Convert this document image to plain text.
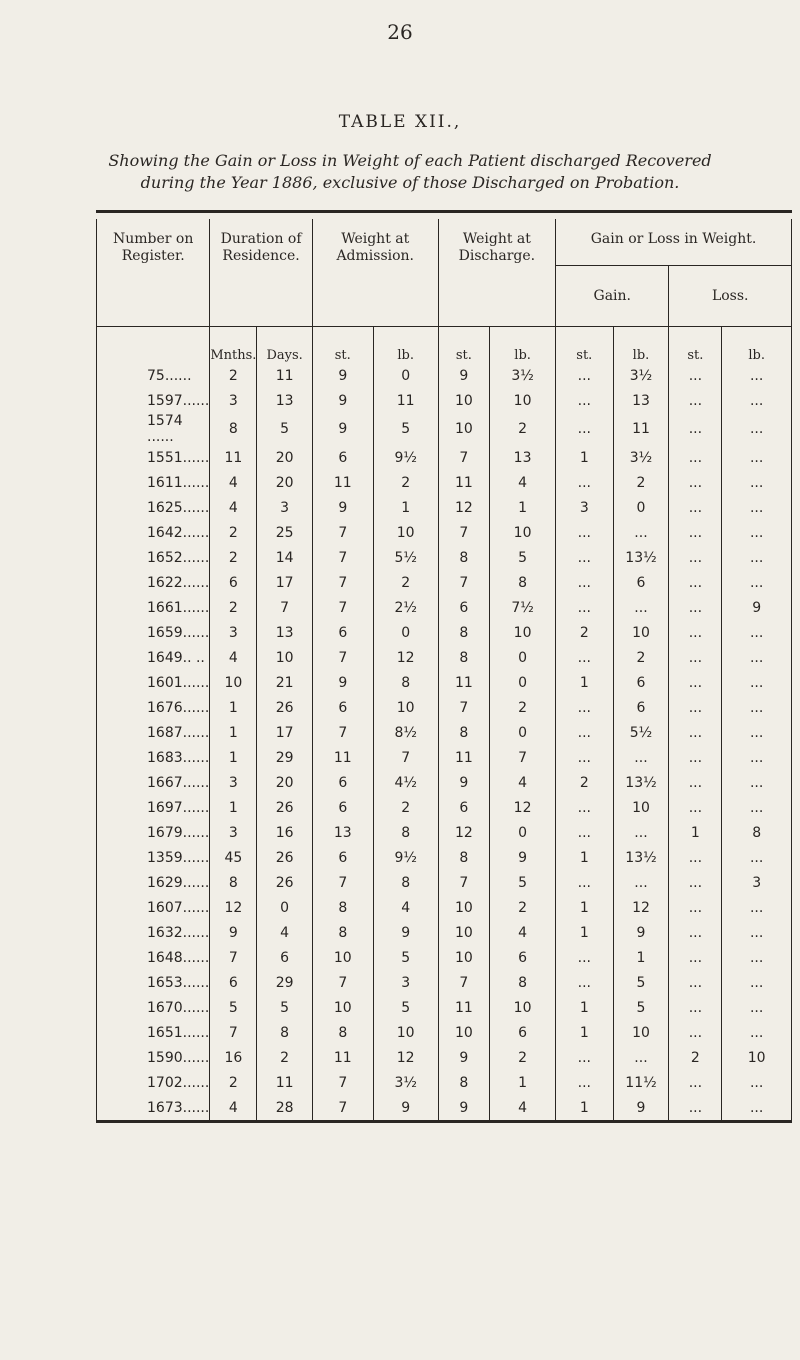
26
TABLE XII.,
Showing the Gain or Loss in Weight of each Patient discharged Recovered during the Year 1886, exclusive of those Discharged on Probation.
Number on Register.	Duration of Residence.		Weight at Admission.		Weight at Discharge.		Gain or Loss in Weight.			
							Gain.		Loss.	
	Mnths.	Days.	st.	lb.	st.	lb.	st.	lb.	st.	lb.
75......	2	11	9	0	9	3½	...	3½	...	...
1597......	3	13	9	11	10	10	...	13	...	...
1574 ......	8	5	9	5	10	2	...	11	...	...
1551......	11	20	6	9½	7	13	1	3½	...	...
1611......	4	20	11	2	11	4	...	2	...	...
1625......	4	3	9	1	12	1	3	0	...	...
1642......	2	25	7	10	7	10	...	...	...	...
1652......	2	14	7	5½	8	5	...	13½	...	...
1622......	6	17	7	2	7	8	...	6	...	...
1661......	2	7	7	2½	6	7½	...	...	...	9
1659......	3	13	6	0	8	10	2	10	...	...
1649.. ..	4	10	7	12	8	0	...	2	...	...
1601......	10	21	9	8	11	0	1	6	...	...
1676......	1	26	6	10	7	2	...	6	...	...
1687......	1	17	7	8½	8	0	...	5½	...	...
1683......	1	29	11	7	11	7	...	...	...	...
1667......	3	20	6	4½	9	4	2	13½	...	...
1697......	1	26	6	2	6	12	...	10	...	...
1679......	3	16	13	8	12	0	...	...	1	8
1359......	45	26	6	9½	8	9	1	13½	...	...
1629......	8	26	7	8	7	5	...	...	...	3
1607......	12	0	8	4	10	2	1	12	...	...
1632......	9	4	8	9	10	4	1	9	...	...
1648......	7	6	10	5	10	6	...	1	...	...
1653......	6	29	7	3	7	8	...	5	...	...
1670......	5	5	10	5	11	10	1	5	...	...
1651......	7	8	8	10	10	6	1	10	...	...
1590......	16	2	11	12	9	2	...	...	2	10
1702......	2	11	7	3½	8	1	...	11½	...	...
1673......	4	28	7	9	9	4	1	9	...	...
